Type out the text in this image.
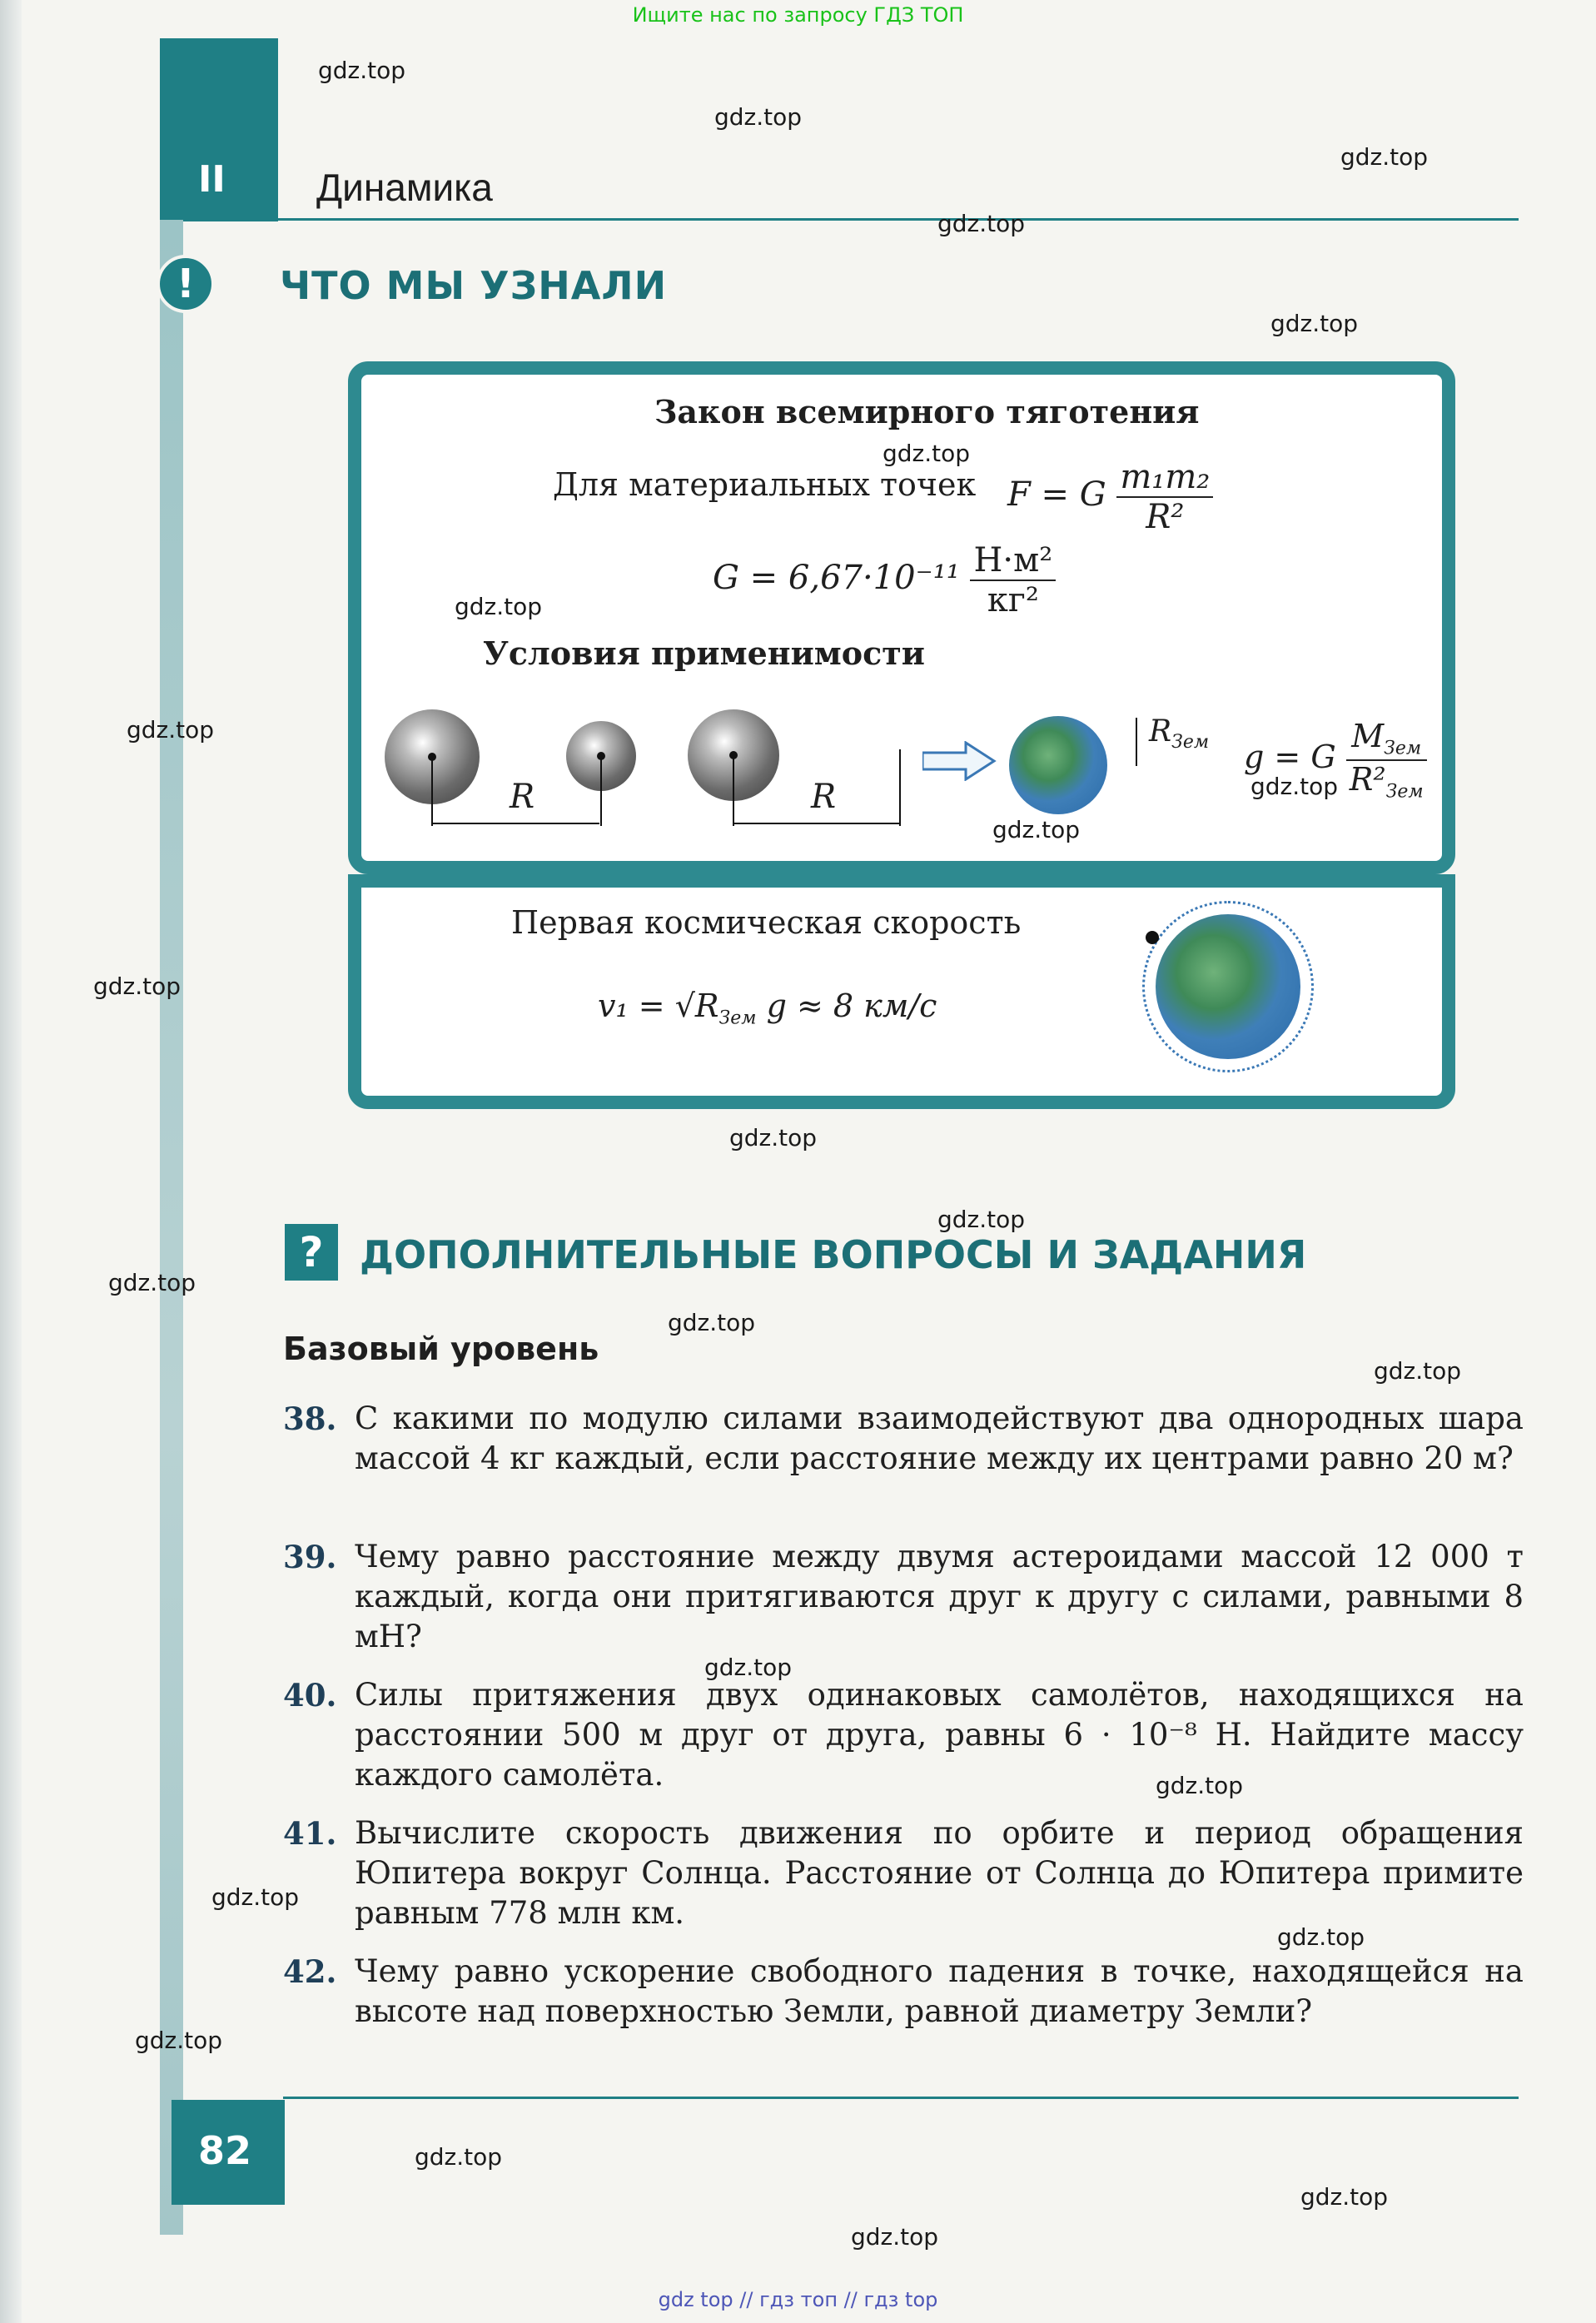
Ищите нас по запросу ГДЗ ТОП
II Динамика
!	ЧТО МЫ УЗНАЛИ
Закон всемирного тяготения
Для материальных точек F = G $\frac{\text{m₁m₂}}{\text{R²}}$
$G = 6,67\cdot 10^{-11} \frac{\text{Н·м²}}{\text{кг²}}$
Условия применимости
R	R
$R_{Зем}$ g = G $\frac{M_{Зем}}{R^2_{Зем}}$
Первая космическая скорость
$v_1 = √R_{Зем}$ g ≈ 8 км/с
? ДОПОЛНИТЕЛЬНЫЕ ВОПРОСЫ И ЗАДАНИЯ
Базовый уровень
38. С какими по модулю силами взаимодействуют два однородных шара массой 4 кг каждый, если расстояние между их центрами равно 20 м?
39. Чему равно расстояние между двумя астероидами массой 12 000 т каждый, когда они притягиваются друг к другу с силами, равными 8 мН?
40. Силы притяжения двух одинаковых самолётов, находящихся на расстоянии 500 м друг от друга, равны 6 · 10⁻⁸ Н. Найдите массу каждого самолёта.
41. Вычислите скорость движения по орбите и период обращения Юпитера вокруг Солнца. Расстояние от Солнца до Юпитера примите равным 778 млн км.
42. Чему равно ускорение свободного падения в точке, находящейся на высоте над поверхностью Земли, равной диаметру Земли?
82
gdz.top
gdz.top
gdz.top
gdz.top
gdz.top
gdz.top
gdz.top
gdz.top
gdz.top
gdz.top
gdz.top
gdz.top
gdz.top
gdz.top
gdz.top
gdz.top
gdz.top
gdz.top
gdz.top
gdz.top
gdz.top
gdz.top
gdz.top
gdz.top
gdz top // гдз топ // гдз top
